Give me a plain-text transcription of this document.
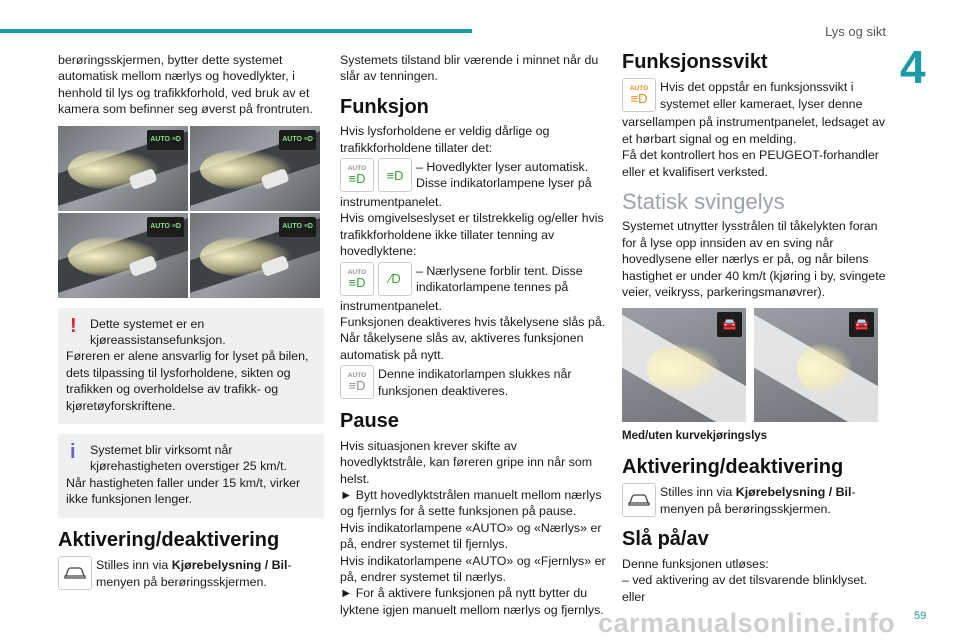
Lys og sikt
4

berøringsskjermen, bytter dette systemet automatisk mellom nærlys og hovedlykter, i henhold til lys og trafikkforhold, ved bruk av et kamera som befinner seg øverst på frontruten.

AUTO ≡D	AUTO ≡D
AUTO ≡D	AUTO ≡D
!	Dette systemet er en kjøreassistansefunksjon.

Føreren er alene ansvarlig for lyset på bilen, dets tilpassing til lysforholdene, sikten og trafikken og overholdelse av trafikk- og kjøretøyforskriftene.

i	Systemet blir virksomt når kjørehastigheten overstiger 25 km/t.

Når hastigheten faller under 15 km/t, virker ikke funksjonen lenger.

Aktivering/deaktivering

Stilles inn via Kjørebelysning / Bil-menyen på berøringsskjermen.

Systemets tilstand blir værende i minnet når du slår av tenningen.

Funksjon

Hvis lysforholdene er veldig dårlige og trafikkforholdene tillater det:

AUTO
≡D ≡D

– Hovedlykter lyser automatisk. Disse indikatorlampene lyser på

instrumentpanelet.

Hvis omgivelseslyset er tilstrekkelig og/eller hvis trafikkforholdene ikke tillater tenning av hovedlyktene:

AUTO
≡D ⁄D

– Nærlysene forblir tent. Disse indikatorlampene tennes på

instrumentpanelet.

Funksjonen deaktiveres hvis tåkelysene slås på. Når tåkelysene slås av, aktiveres funksjonen automatisk på nytt.

AUTO
≡D

Denne indikatorlampen slukkes når funksjonen deaktiveres.

Pause

Hvis situasjonen krever skifte av hovedlyktstråle, kan føreren gripe inn når som helst.

► Bytt hovedlyktstrålen manuelt mellom nærlys og fjernlys for å sette funksjonen på pause.

Hvis indikatorlampene «AUTO» og «Nærlys» er på, endrer systemet til fjernlys.

Hvis indikatorlampene «AUTO» og «Fjernlys» er på, endrer systemet til nærlys.

► For å aktivere funksjonen på nytt bytter du lyktene igjen manuelt mellom nærlys og fjernlys.

Funksjonssvikt
AUTO
≡D

Hvis det oppstår en funksjonssvikt i systemet eller kameraet, lyser denne

varsellampen på instrumentpanelet, ledsaget av et hørbart signal og en melding.

Få det kontrollert hos en PEUGEOT-forhandler eller et kvalifisert verksted.

Statisk svingelys

Systemet utnytter lysstrålen til tåkelykten foran for å lyse opp innsiden av en sving når hovedlysene eller nærlys er på, og når bilens hastighet er under 40 km/t (kjøring i by, svingete veier, veikryss, parkeringsmanøvrer).

🚘	🚘

Med/uten kurvekjøringslys

Aktivering/deaktivering

Stilles inn via Kjørebelysning / Bil-menyen på berøringsskjermen.

Slå på/av

Denne funksjonen utløses:

– ved aktivering av det tilsvarende blinklyset.

eller

carmanualsonline.info 59
